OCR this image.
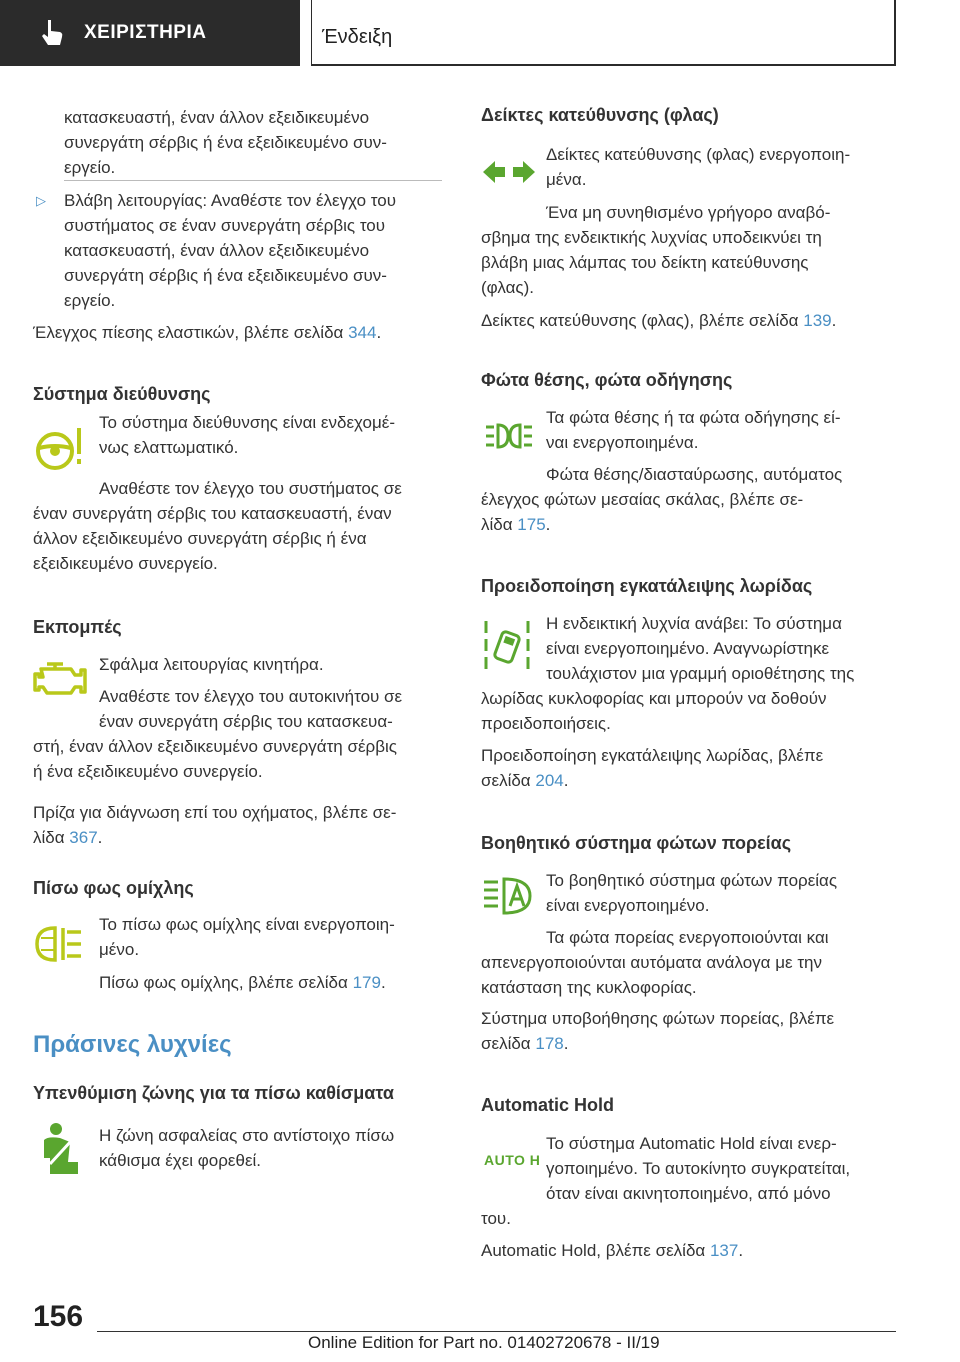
ΧΕΙΡΙΣΤΗΡΙΑ	Ένδειξη
κατασκευαστή, έναν άλλον εξειδικευμένο
συνεργάτη σέρβις ή ένα εξειδικευμένο συν-
εργείο.
▷ Βλάβη λειτουργίας: Αναθέστε τον έλεγχο του
συστήματος σε έναν συνεργάτη σέρβις του
κατασκευαστή, έναν άλλον εξειδικευμένο
συνεργάτη σέρβις ή ένα εξειδικευμένο συν-
εργείο.
Έλεγχος πίεσης ελαστικών, βλέπε σελίδα 344.
Σύστημα διεύθυνσης
Το σύστημα διεύθυνσης είναι ενδεχομέ-
νως ελαττωματικό.
Αναθέστε τον έλεγχο του συστήματος σε
έναν συνεργάτη σέρβις του κατασκευαστή, έναν
άλλον εξειδικευμένο συνεργάτη σέρβις ή ένα
εξειδικευμένο συνεργείο.
Εκπομπές
Σφάλμα λειτουργίας κινητήρα.
Αναθέστε τον έλεγχο του αυτοκινήτου σε
έναν συνεργάτη σέρβις του κατασκευα-
στή, έναν άλλον εξειδικευμένο συνεργάτη σέρβις
ή ένα εξειδικευμένο συνεργείο.
Πρίζα για διάγνωση επί του οχήματος, βλέπε σε-
λίδα 367.
Πίσω φως ομίχλης
Το πίσω φως ομίχλης είναι ενεργοποιη-
μένο.
Πίσω φως ομίχλης, βλέπε σελίδα 179.
Πράσινες λυχνίες
Υπενθύμιση ζώνης για τα πίσω καθίσματα
Η ζώνη ασφαλείας στο αντίστοιχο πίσω
κάθισμα έχει φορεθεί.
Δείκτες κατεύθυνσης (φλας)
Δείκτες κατεύθυνσης (φλας) ενεργοποιη-
μένα.
Ένα μη συνηθισμένο γρήγορο αναβό-
σβημα της ενδεικτικής λυχνίας υποδεικνύει τη
βλάβη μιας λάμπας του δείκτη κατεύθυνσης
(φλας).
Δείκτες κατεύθυνσης (φλας), βλέπε σελίδα 139.
Φώτα θέσης, φώτα οδήγησης
Τα φώτα θέσης ή τα φώτα οδήγησης εί-
ναι ενεργοποιημένα.
Φώτα θέσης/διασταύρωσης, αυτόματος
έλεγχος φώτων μεσαίας σκάλας, βλέπε σε-
λίδα 175.
Προειδοποίηση εγκατάλειψης λωρίδας
Η ενδεικτική λυχνία ανάβει: Το σύστημα
είναι ενεργοποιημένο. Αναγνωρίστηκε
τουλάχιστον μια γραμμή οριοθέτησης της
λωρίδας κυκλοφορίας και μπορούν να δοθούν
προειδοποιήσεις.
Προειδοποίηση εγκατάλειψης λωρίδας, βλέπε
σελίδα 204.
Βοηθητικό σύστημα φώτων πορείας
Το βοηθητικό σύστημα φώτων πορείας
είναι ενεργοποιημένο.
Τα φώτα πορείας ενεργοποιούνται και
απενεργοποιούνται αυτόματα ανάλογα με την
κατάσταση της κυκλοφορίας.
Σύστημα υποβοήθησης φώτων πορείας, βλέπε
σελίδα 178.
Automatic Hold
AUTO H
Το σύστημα Automatic Hold είναι ενερ-
γοποιημένο. Το αυτοκίνητο συγκρατείται,
όταν είναι ακινητοποιημένο, από μόνο
του.
Automatic Hold, βλέπε σελίδα 137.
156
Online Edition for Part no. 01402720678 - II/19
